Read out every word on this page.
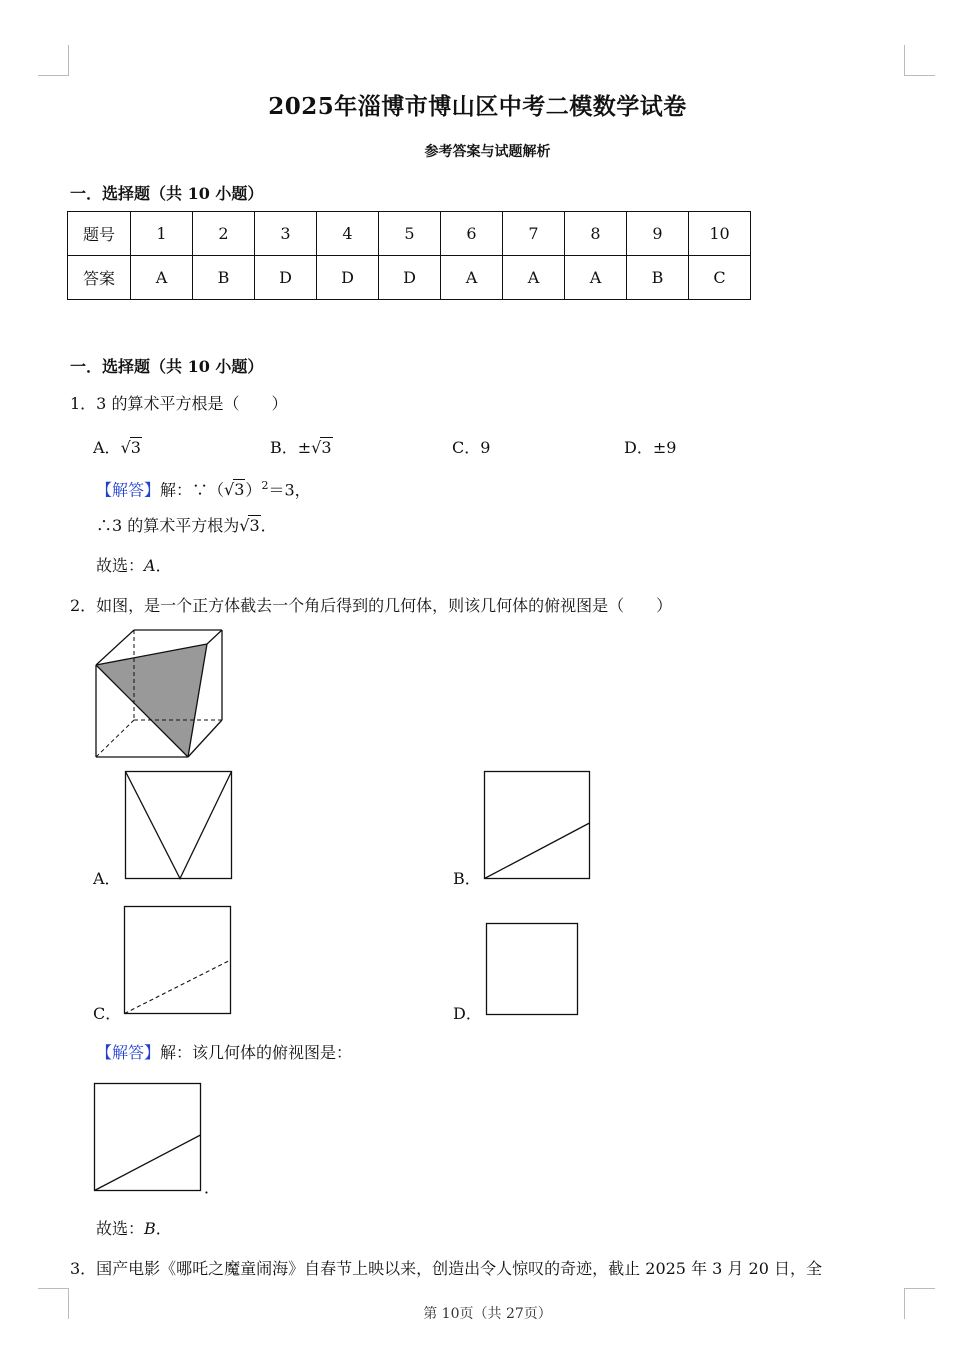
2025年淄博市博山区中考二模数学试卷
参考答案与试题解析
一．选择题（共 10 小题）
题号	1	2	3	4	5	6	7	8	9	10
答案	A	B	D	D	D	A	A	A	B	C
一．选择题（共 10 小题）
1．3 的算术平方根是（　　）
A．√3	B．±√3	C．9	D．±9
【解答】解：$\because(√3)^2=3$，
∴3 的算术平方根为√3．
故选：A．
2．如图，是一个正方体截去一个角后得到的几何体，则该几何体的俯视图是（　　）
A．	B．
C．	D．
【解答】解：该几何体的俯视图是：
．
故选：B．
3．国产电影《哪吒之魔童闹海》自春节上映以来，创造出令人惊叹的奇迹，截止 2025 年 3 月 20 日，全
第 10页（共 27页）
